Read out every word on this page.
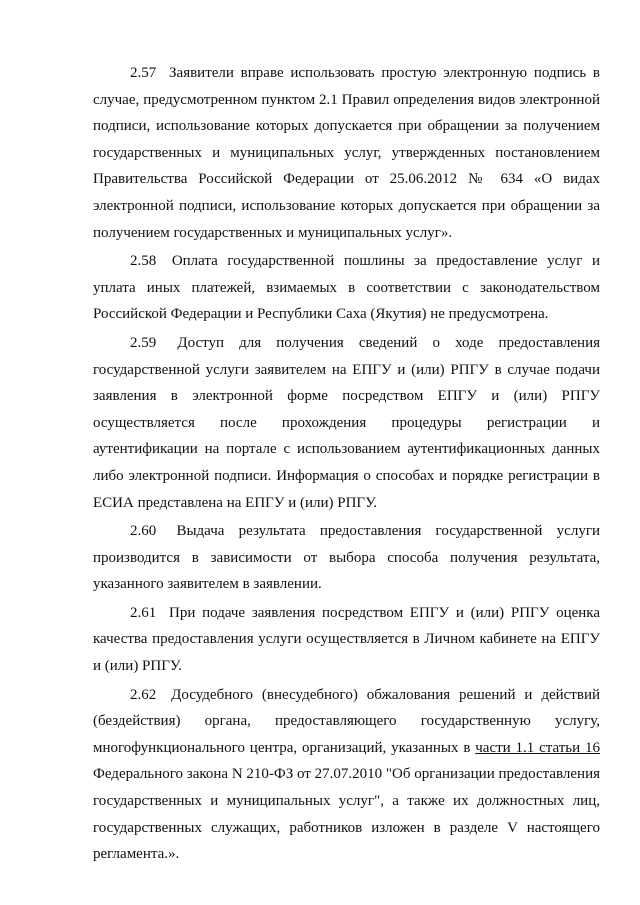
2.57 Заявители вправе использовать простую электронную подпись в случае, предусмотренном пунктом 2.1 Правил определения видов электронной подписи, использование которых допускается при обращении за получением государственных и муниципальных услуг, утвержденных постановлением Правительства Российской Федерации от 25.06.2012 № 634 «О видах электронной подписи, использование которых допускается при обращении за получением государственных и муниципальных услуг».

2.58 Оплата государственной пошлины за предоставление услуг и уплата иных платежей, взимаемых в соответствии с законодательством Российской Федерации и Республики Саха (Якутия) не предусмотрена.

2.59 Доступ для получения сведений о ходе предоставления государственной услуги заявителем на ЕПГУ и (или) РПГУ в случае подачи заявления в электронной форме посредством ЕПГУ и (или) РПГУ осуществляется после прохождения процедуры регистрации и аутентификации на портале с использованием аутентификационных данных либо электронной подписи. Информация о способах и порядке регистрации в ЕСИА представлена на ЕПГУ и (или) РПГУ.

2.60 Выдача результата предоставления государственной услуги производится в зависимости от выбора способа получения результата, указанного заявителем в заявлении.

2.61 При подаче заявления посредством ЕПГУ и (или) РПГУ оценка качества предоставления услуги осуществляется в Личном кабинете на ЕПГУ и (или) РПГУ.

2.62 Досудебного (внесудебного) обжалования решений и действий (бездействия) органа, предоставляющего государственную услугу, многофункционального центра, организаций, указанных в части 1.1 статьи 16 Федерального закона N 210-ФЗ от 27.07.2010 "Об организации предоставления государственных и муниципальных услуг", а также их должностных лиц, государственных служащих, работников изложен в разделе V настоящего регламента.».
